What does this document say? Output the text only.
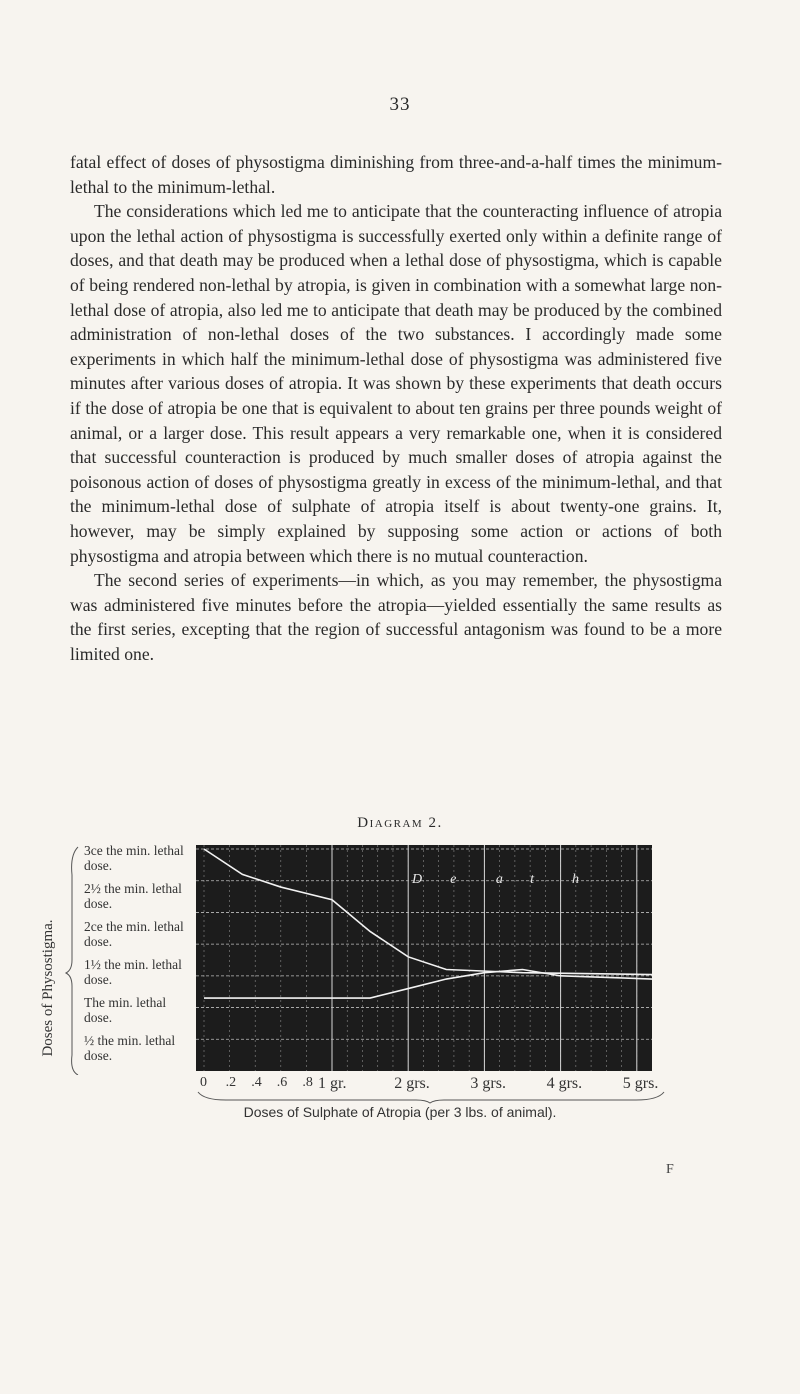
33

fatal effect of doses of physostigma diminishing from three-and-a-half times the minimum-lethal to the minimum-lethal.

The considerations which led me to anticipate that the counteracting influence of atropia upon the lethal action of physostigma is successfully exerted only within a definite range of doses, and that death may be produced when a lethal dose of physostigma, which is capable of being rendered non-lethal by atropia, is given in combination with a somewhat large non-lethal dose of atropia, also led me to anticipate that death may be produced by the combined administration of non-lethal doses of the two substances. I accordingly made some experiments in which half the minimum-lethal dose of physostigma was administered five minutes after various doses of atropia. It was shown by these experiments that death occurs if the dose of atropia be one that is equivalent to about ten grains per three pounds weight of animal, or a larger dose. This result appears a very remarkable one, when it is considered that successful counteraction is produced by much smaller doses of atropia against the poisonous action of doses of physostigma greatly in excess of the minimum-lethal, and that the minimum-lethal dose of sulphate of atropia itself is about twenty-one grains. It, however, may be simply explained by supposing some action or actions of both physostigma and atropia between which there is no mutual counteraction.

The second series of experiments—in which, as you may remember, the physostigma was administered five minutes before the atropia—yielded essentially the same results as the first series, excepting that the region of successful antagonism was found to be a more limited one.

Diagram 2.
Doses of Physostigma.
3ce the min. lethal dose.
2½ the min. lethal dose.
2ce the min. lethal dose.
1½ the min. lethal dose.
The min. lethal dose.
½ the min. lethal dose.
D e	a t	h
0 .2 .4 .6 .8 1 gr.	2 grs.	3 grs.	4 grs.	5 grs.
Doses of Sulphate of Atropia (per 3 lbs. of animal).
F
